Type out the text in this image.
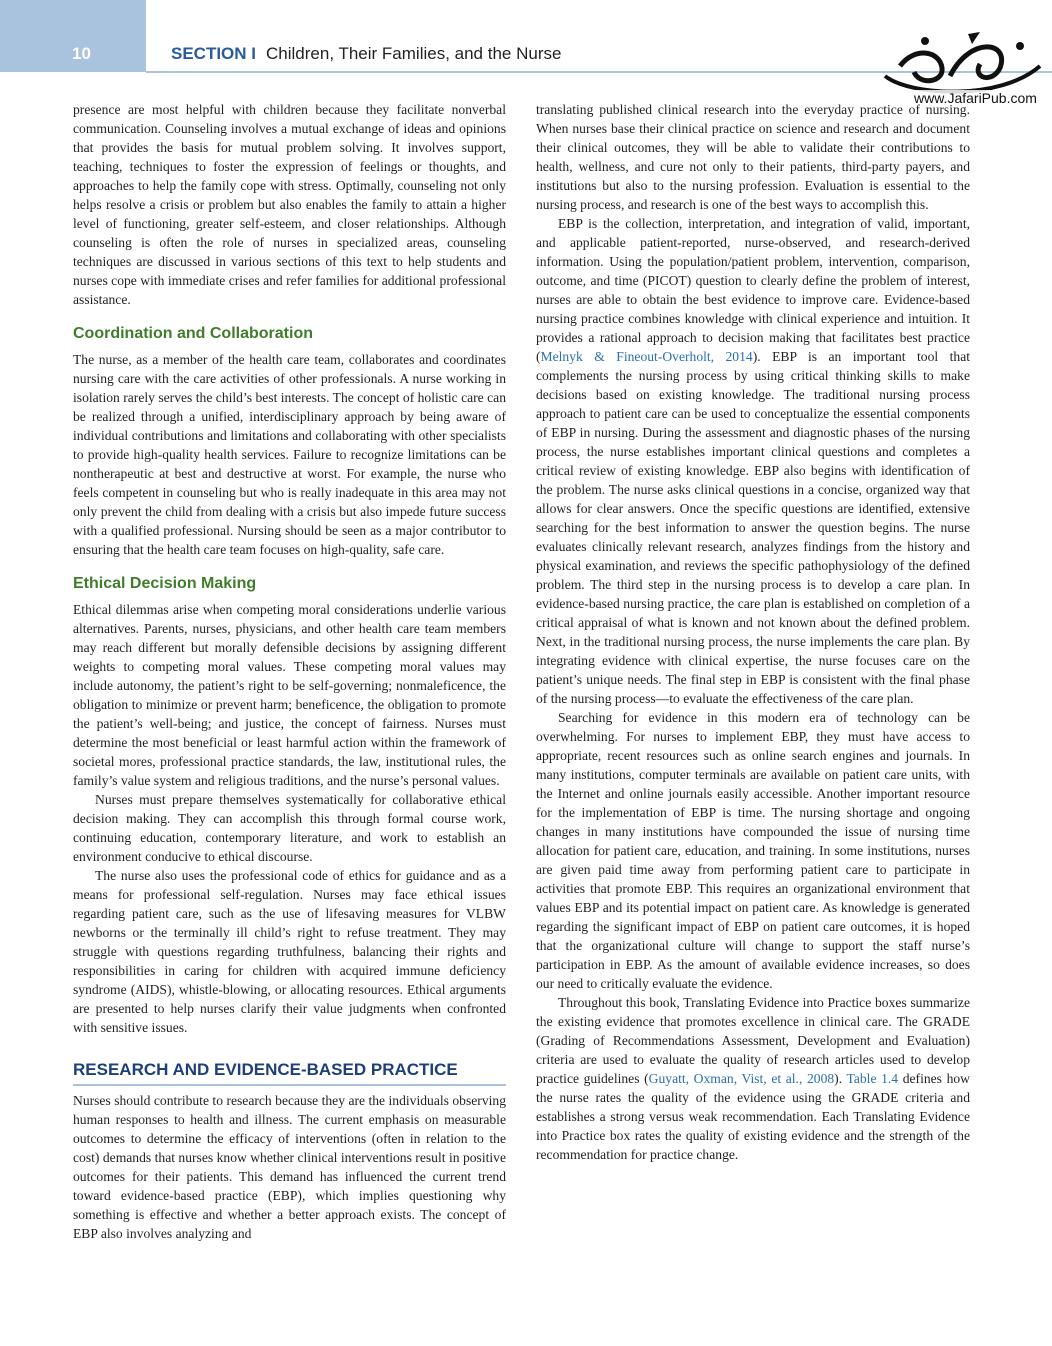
10	SECTION I Children, Their Families, and the Nurse
www.JafariPub.com

presence are most helpful with children because they facilitate nonverbal communication. Counseling involves a mutual exchange of ideas and opinions that provides the basis for mutual problem solving. It involves support, teaching, techniques to foster the expression of feelings or thoughts, and approaches to help the family cope with stress. Optimally, counseling not only helps resolve a crisis or problem but also enables the family to attain a higher level of functioning, greater self-esteem, and closer relationships. Although counseling is often the role of nurses in specialized areas, counseling techniques are discussed in various sections of this text to help students and nurses cope with immediate crises and refer families for additional professional assistance.

Coordination and Collaboration

The nurse, as a member of the health care team, collaborates and coordinates nursing care with the care activities of other professionals. A nurse working in isolation rarely serves the child’s best interests. The concept of holistic care can be realized through a unified, interdisciplinary approach by being aware of individual contributions and limitations and collaborating with other specialists to provide high-quality health services. Failure to recognize limitations can be nontherapeutic at best and destructive at worst. For example, the nurse who feels competent in counseling but who is really inadequate in this area may not only prevent the child from dealing with a crisis but also impede future success with a qualified professional. Nursing should be seen as a major contributor to ensuring that the health care team focuses on high-quality, safe care.

Ethical Decision Making

Ethical dilemmas arise when competing moral considerations underlie various alternatives. Parents, nurses, physicians, and other health care team members may reach different but morally defensible decisions by assigning different weights to competing moral values. These competing moral values may include autonomy, the patient’s right to be self-governing; nonmaleficence, the obligation to minimize or prevent harm; beneficence, the obligation to promote the patient’s well-being; and justice, the concept of fairness. Nurses must determine the most beneficial or least harmful action within the framework of societal mores, professional practice standards, the law, institutional rules, the family’s value system and religious traditions, and the nurse’s personal values.

Nurses must prepare themselves systematically for collaborative ethical decision making. They can accomplish this through formal course work, continuing education, contemporary literature, and work to establish an environment conducive to ethical discourse.

The nurse also uses the professional code of ethics for guidance and as a means for professional self-regulation. Nurses may face ethical issues regarding patient care, such as the use of lifesaving measures for VLBW newborns or the terminally ill child’s right to refuse treatment. They may struggle with questions regarding truthfulness, balancing their rights and responsibilities in caring for children with acquired immune deficiency syndrome (AIDS), whistle-blowing, or allocating resources. Ethical arguments are presented to help nurses clarify their value judgments when confronted with sensitive issues.

RESEARCH AND EVIDENCE-BASED PRACTICE

Nurses should contribute to research because they are the individuals observing human responses to health and illness. The current emphasis on measurable outcomes to determine the efficacy of interventions (often in relation to the cost) demands that nurses know whether clinical interventions result in positive outcomes for their patients. This demand has influenced the current trend toward evidence-based practice (EBP), which implies questioning why something is effective and whether a better approach exists. The concept of EBP also involves analyzing and

translating published clinical research into the everyday practice of nursing. When nurses base their clinical practice on science and research and document their clinical outcomes, they will be able to validate their contributions to health, wellness, and cure not only to their patients, third-party payers, and institutions but also to the nursing profession. Evaluation is essential to the nursing process, and research is one of the best ways to accomplish this.

EBP is the collection, interpretation, and integration of valid, important, and applicable patient-reported, nurse-observed, and research-derived information. Using the population/patient problem, intervention, comparison, outcome, and time (PICOT) question to clearly define the problem of interest, nurses are able to obtain the best evidence to improve care. Evidence-based nursing practice combines knowledge with clinical experience and intuition. It provides a rational approach to decision making that facilitates best practice (Melnyk & Fineout-Overholt, 2014). EBP is an important tool that complements the nursing process by using critical thinking skills to make decisions based on existing knowledge. The traditional nursing process approach to patient care can be used to conceptualize the essential components of EBP in nursing. During the assessment and diagnostic phases of the nursing process, the nurse establishes important clinical questions and completes a critical review of existing knowledge. EBP also begins with identification of the problem. The nurse asks clinical questions in a concise, organized way that allows for clear answers. Once the specific questions are identified, extensive searching for the best information to answer the question begins. The nurse evaluates clinically relevant research, analyzes findings from the history and physical examination, and reviews the specific pathophysiology of the defined problem. The third step in the nursing process is to develop a care plan. In evidence-based nursing practice, the care plan is established on completion of a critical appraisal of what is known and not known about the defined problem. Next, in the traditional nursing process, the nurse implements the care plan. By integrating evidence with clinical expertise, the nurse focuses care on the patient’s unique needs. The final step in EBP is consistent with the final phase of the nursing process—to evaluate the effectiveness of the care plan.

Searching for evidence in this modern era of technology can be overwhelming. For nurses to implement EBP, they must have access to appropriate, recent resources such as online search engines and journals. In many institutions, computer terminals are available on patient care units, with the Internet and online journals easily accessible. Another important resource for the implementation of EBP is time. The nursing shortage and ongoing changes in many institutions have compounded the issue of nursing time allocation for patient care, education, and training. In some institutions, nurses are given paid time away from performing patient care to participate in activities that promote EBP. This requires an organizational environment that values EBP and its potential impact on patient care. As knowledge is generated regarding the significant impact of EBP on patient care outcomes, it is hoped that the organizational culture will change to support the staff nurse’s participation in EBP. As the amount of available evidence increases, so does our need to critically evaluate the evidence.

Throughout this book, Translating Evidence into Practice boxes summarize the existing evidence that promotes excellence in clinical care. The GRADE (Grading of Recommendations Assessment, Development and Evaluation) criteria are used to evaluate the quality of research articles used to develop practice guidelines (Guyatt, Oxman, Vist, et al., 2008). Table 1.4 defines how the nurse rates the quality of the evidence using the GRADE criteria and establishes a strong versus weak recommendation. Each Translating Evidence into Practice box rates the quality of existing evidence and the strength of the recommendation for practice change.
